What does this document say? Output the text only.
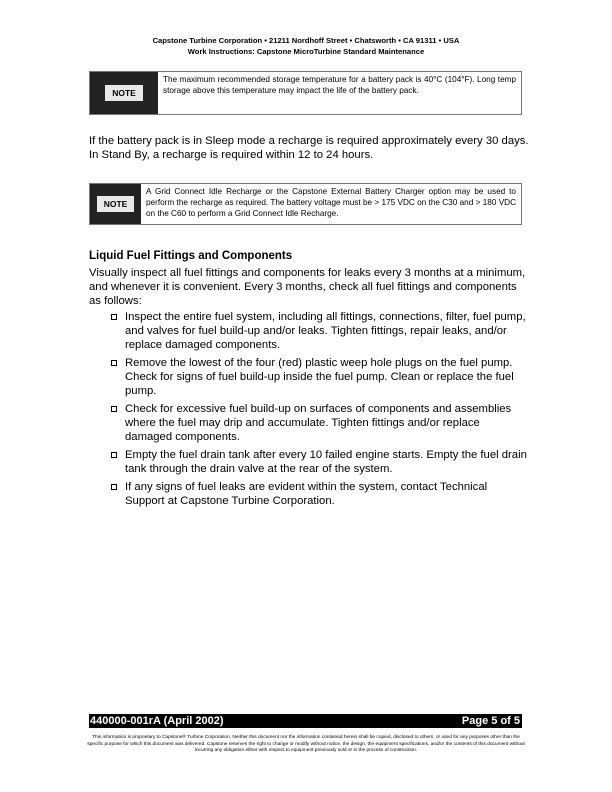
Capstone Turbine Corporation • 21211 Nordhoff Street • Chatsworth • CA 91311 • USA
Work Instructions: Capstone MicroTurbine Standard Maintenance
NOTE
The maximum recommended storage temperature for a battery pack is 40°C (104°F). Long temp storage above this temperature may impact the life of the battery pack.
If the battery pack is in Sleep mode a recharge is required approximately every 30 days. In Stand By, a recharge is required within 12 to 24 hours.
NOTE
A Grid Connect Idle Recharge or the Capstone External Battery Charger option may be used to perform the recharge as required. The battery voltage must be > 175 VDC on the C30 and > 180 VDC on the C60 to perform a Grid Connect Idle Recharge.
Liquid Fuel Fittings and Components
Visually inspect all fuel fittings and components for leaks every 3 months at a minimum, and whenever it is convenient. Every 3 months, check all fuel fittings and components as follows:
Inspect the entire fuel system, including all fittings, connections, filter, fuel pump, and valves for fuel build-up and/or leaks. Tighten fittings, repair leaks, and/or replace damaged components.
Remove the lowest of the four (red) plastic weep hole plugs on the fuel pump. Check for signs of fuel build-up inside the fuel pump. Clean or replace the fuel pump.
Check for excessive fuel build-up on surfaces of components and assemblies where the fuel may drip and accumulate. Tighten fittings and/or replace damaged components.
Empty the fuel drain tank after every 10 failed engine starts. Empty the fuel drain tank through the drain valve at the rear of the system.
If any signs of fuel leaks are evident within the system, contact Technical Support at Capstone Turbine Corporation.
440000-001rA (April 2002)	Page 5 of 5
This information is proprietary to Capstone® Turbine Corporation. Neither this document nor the information contained herein shall be copied, disclosed to others, or used for any purposes other than the specific purpose for which this document was delivered. Capstone reserves the right to change or modify without notice, the design, the equipment specifications, and/or the contents of this document without incurring any obligation either with respect to equipment previously sold or in the process of construction.
